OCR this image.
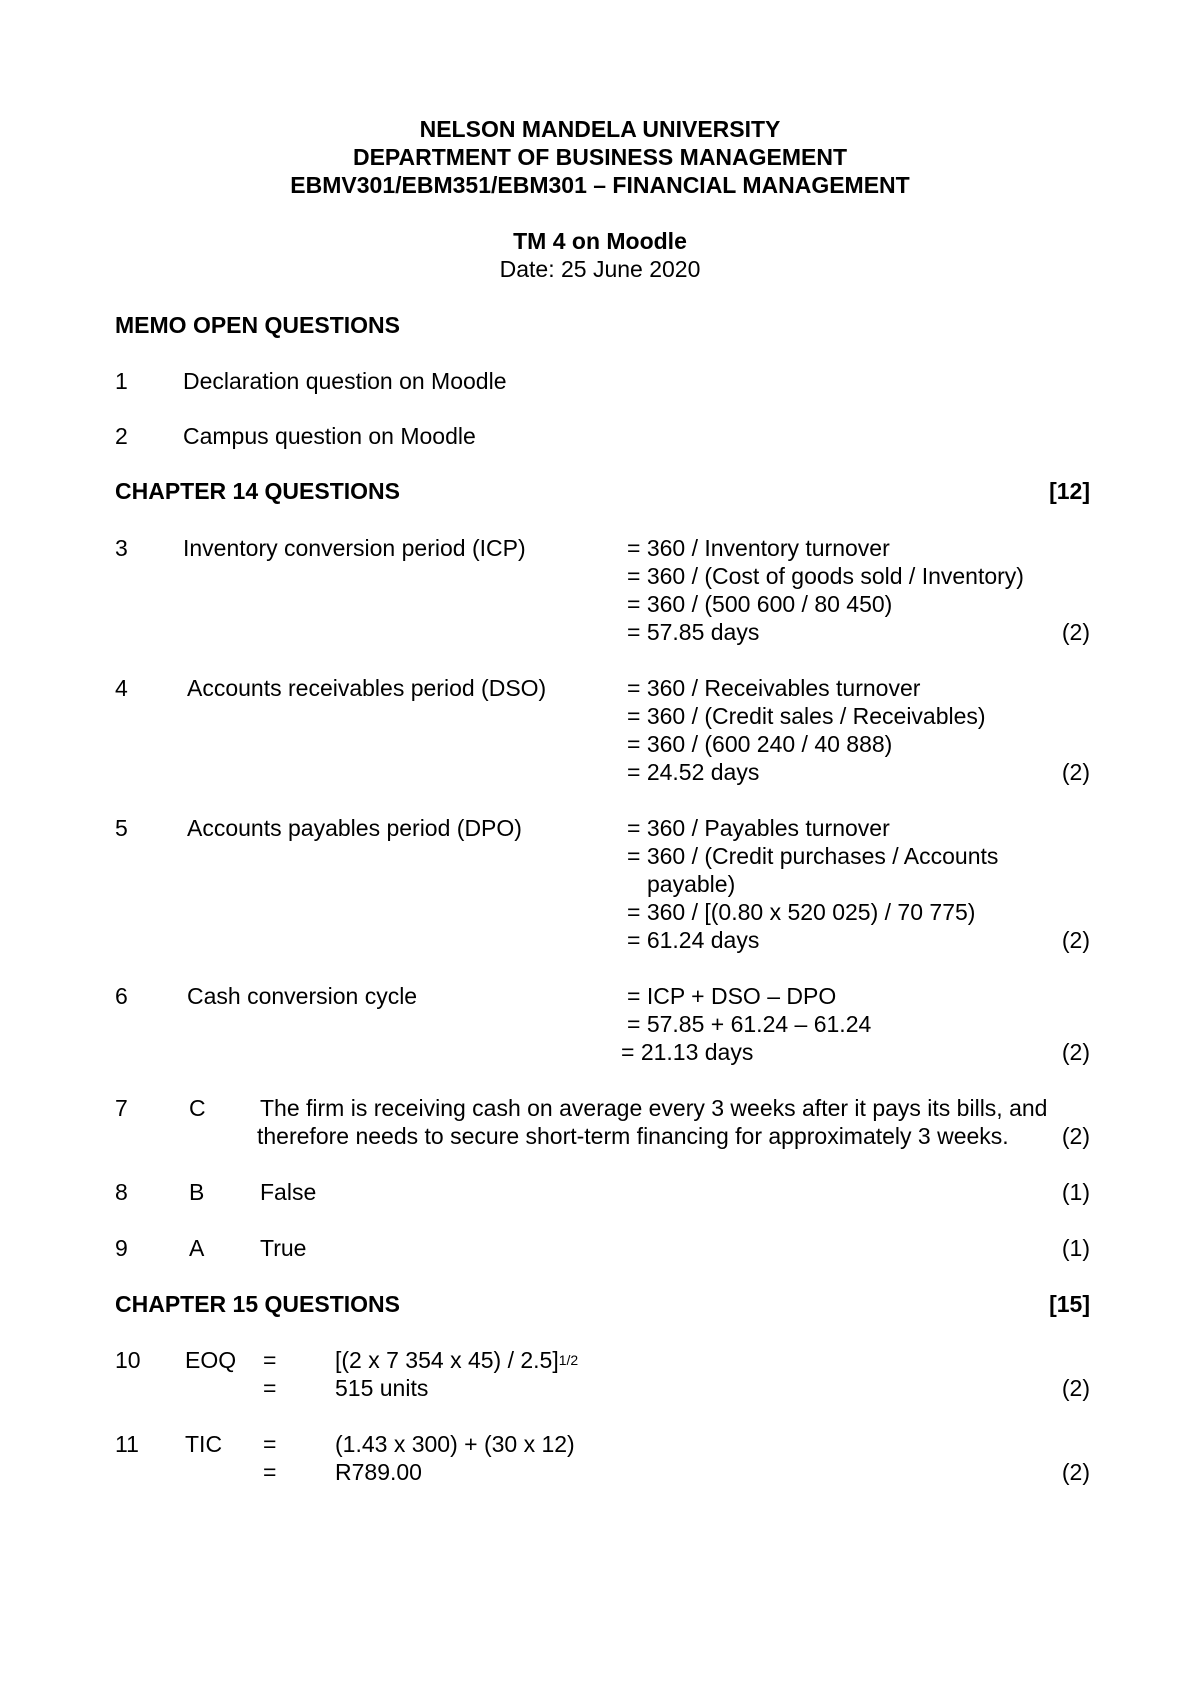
NELSON MANDELA UNIVERSITY
DEPARTMENT OF BUSINESS MANAGEMENT
EBMV301/EBM351/EBM301 – FINANCIAL MANAGEMENT
TM 4 on Moodle
Date: 25 June 2020
MEMO OPEN QUESTIONS
1 Declaration question on Moodle
2 Campus question on Moodle
CHAPTER 14 QUESTIONS	[12]
3 Inventory conversion period (ICP)	= 360 / Inventory turnover
= 360 / (Cost of goods sold / Inventory)
= 360 / (500 600 / 80 450)
= 57.85 days	(2)
4	Accounts receivables period (DSO)	= 360 / Receivables turnover
= 360 / (Credit sales / Receivables)
= 360 / (600 240 / 40 888)
= 24.52 days	(2)
5	Accounts payables period (DPO)	= 360 / Payables turnover
= 360 / (Credit purchases / Accounts
payable)
= 360 / [(0.80 x 520 025) / 70 775)
= 61.24 days	(2)
6	Cash conversion cycle	= ICP + DSO – DPO
= 57.85 + 61.24 – 61.24
= 21.13 days	(2)
7	C The firm is receiving cash on average every 3 weeks after it pays its bills, and
therefore needs to secure short-term financing for approximately 3 weeks.	(2)
8	B False	(1)
9	A True	(1)
CHAPTER 15 QUESTIONS	[15]
10 EOQ =	[(2 x 7 354 x 45) / 2.5]$^{1/2}$
=	515 units	(2)
11 TIC =	(1.43 x 300) + (30 x 12)
=	R789.00	(2)
